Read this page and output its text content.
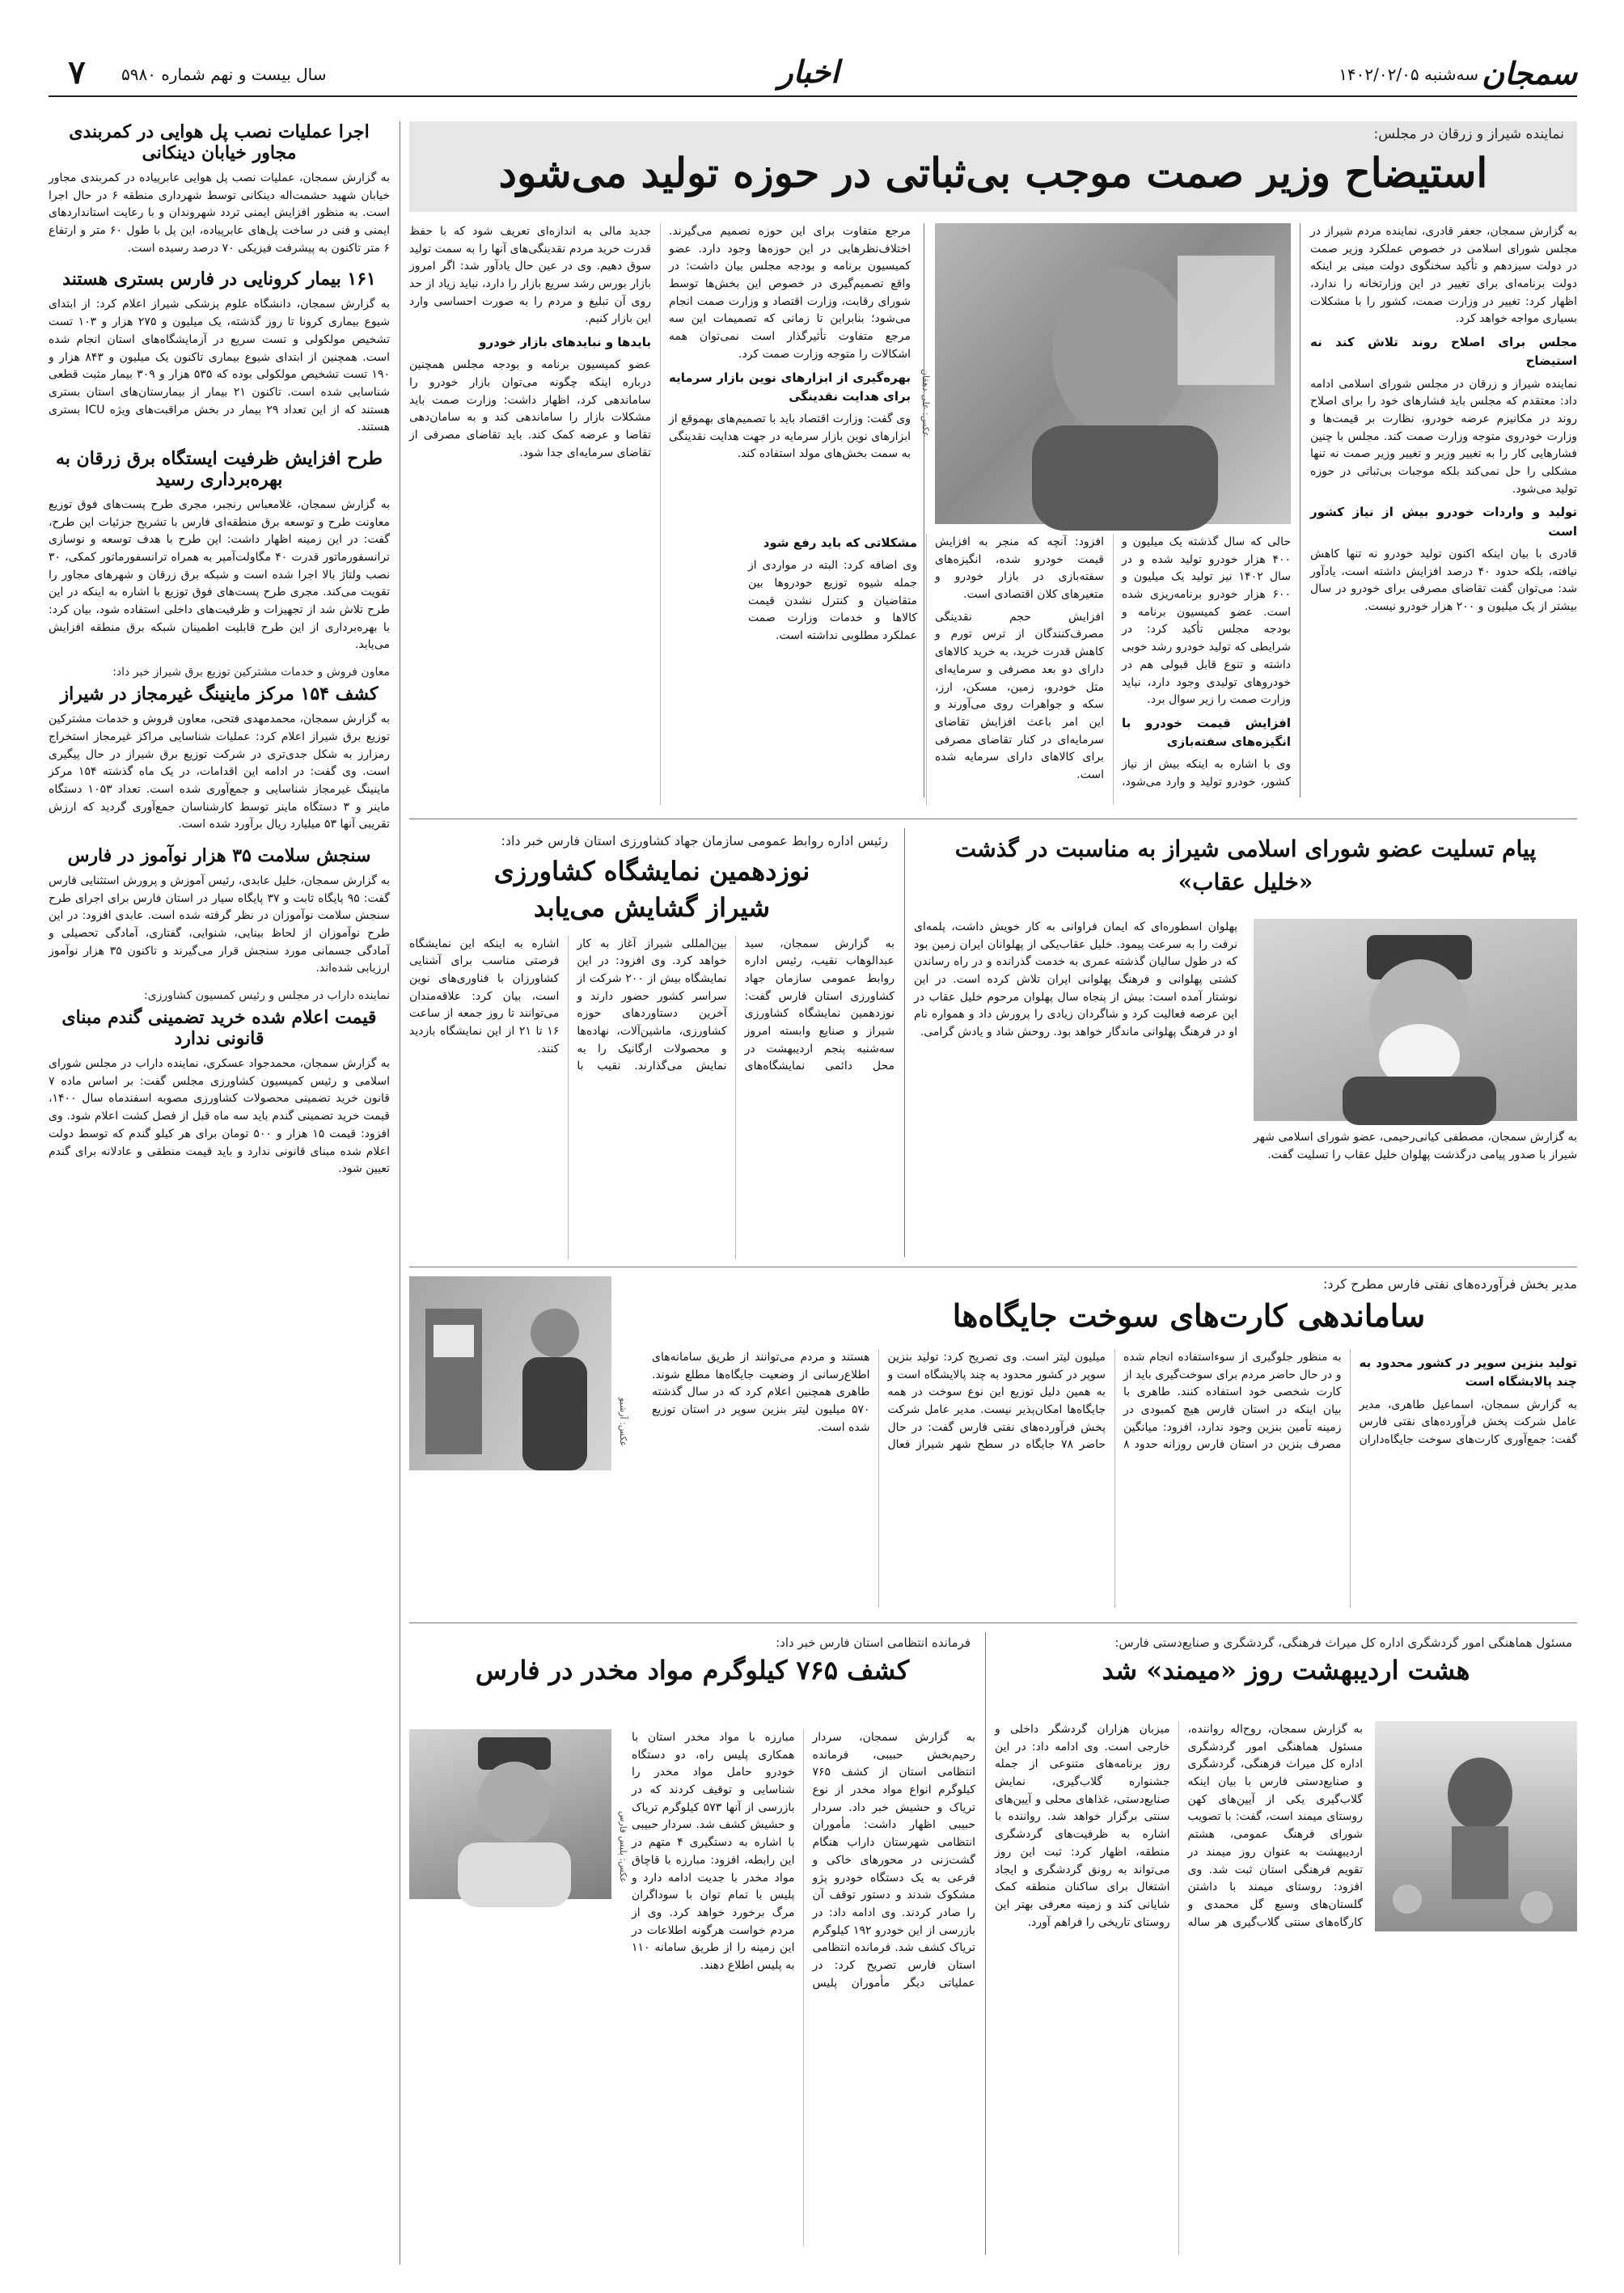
سمجان
سه‌شنبه ۱۴۰۲/۰۲/۰۵
اخبار
سال بیست و نهم شماره ۵۹۸۰
۷
اجرا عملیات نصب پل هوایی در کمربندی مجاور خیابان دینکانی
به گزارش سمجان، عملیات نصب پل هوایی عابرپیاده در کمربندی مجاور خیابان شهید حشمت‌اله دینکانی توسط شهرداری منطقه ۶ در حال اجرا است. به منظور افزایش ایمنی تردد شهروندان و با رعایت استانداردهای ایمنی و فنی در ساخت پل‌های عابرپیاده، این پل با طول ۶۰ متر و ارتفاع ۶ متر تاکنون به پیشرفت فیزیکی ۷۰ درصد رسیده است.
۱۶۱ بیمار کرونایی در فارس بستری هستند
به گزارش سمجان، دانشگاه علوم پزشکی شیراز اعلام کرد: از ابتدای شیوع بیماری کرونا تا روز گذشته، یک میلیون و ۲۷۵ هزار و ۱۰۳ تست تشخیص مولکولی و تست سریع در آزمایشگاه‌های استان انجام شده است. همچنین از ابتدای شیوع بیماری تاکنون یک میلیون و ۸۴۳ هزار و ۱۹۰ تست تشخیص مولکولی بوده که ۵۳۵ هزار و ۳۰۹ بیمار مثبت قطعی شناسایی شده است. تاکنون ۲۱ بیمار از بیمارستان‌های استان بستری هستند که از این تعداد ۲۹ بیمار در بخش مراقبت‌های ویژه ICU بستری هستند.
طرح افزایش ظرفیت ایستگاه برق زرقان به بهره‌برداری رسید
به گزارش سمجان، غلامعباس رنجبر، مجری طرح پست‌های فوق توزیع معاونت طرح و توسعه برق منطقه‌ای فارس با تشریح جزئیات این طرح، گفت: در این زمینه اظهار داشت: این طرح با هدف توسعه و نوسازی ترانسفورماتور قدرت ۴۰ مگاولت‌آمپر به همراه ترانسفورماتور کمکی، ۳۰ نصب ولتاژ بالا اجرا شده است و شبکه برق زرقان و شهرهای مجاور را تقویت می‌کند. مجری طرح پست‌های فوق توزیع با اشاره به اینکه در این طرح تلاش شد از تجهیزات و ظرفیت‌های داخلی استفاده شود، بیان کرد: با بهره‌برداری از این طرح قابلیت اطمینان شبکه برق منطقه افزایش می‌یابد.
معاون فروش و خدمات مشترکین توزیع برق شیراز خبر داد:
کشف ۱۵۴ مرکز ماینینگ غیرمجاز در شیراز
به گزارش سمجان، محمدمهدی فتحی، معاون فروش و خدمات مشترکین توزیع برق شیراز اعلام کرد: عملیات شناسایی مراکز غیرمجاز استخراج رمزارز به شکل جدی‌تری در شرکت توزیع برق شیراز در حال پیگیری است. وی گفت: در ادامه این اقدامات، در یک ماه گذشته ۱۵۴ مرکز ماینینگ غیرمجاز شناسایی و جمع‌آوری شده است. تعداد ۱۰۵۳ دستگاه ماینر و ۳ دستگاه ماینر توسط کارشناسان جمع‌آوری گردید که ارزش تقریبی آنها ۵۳ میلیارد ریال برآورد شده است.
سنجش سلامت ۳۵ هزار نوآموز در فارس
به گزارش سمجان، خلیل عابدی، رئیس آموزش و پرورش استثنایی فارس گفت: ۹۵ پایگاه ثابت و ۳۷ پایگاه سیار در استان فارس برای اجرای طرح سنجش سلامت نوآموزان در نظر گرفته شده است. عابدی افزود: در این طرح نوآموزان از لحاظ بینایی، شنوایی، گفتاری، آمادگی تحصیلی و آمادگی جسمانی مورد سنجش قرار می‌گیرند و تاکنون ۳۵ هزار نوآموز ارزیابی شده‌اند.
نماینده داراب در مجلس و رئیس کمسیون کشاورزی:
قیمت اعلام شده خرید تضمینی گندم مبنای قانونی ندارد
به گزارش سمجان، محمدجواد عسکری، نماینده داراب در مجلس شورای اسلامی و رئیس کمیسیون کشاورزی مجلس گفت: بر اساس ماده ۷ قانون خرید تضمینی محصولات کشاورزی مصوبه اسفندماه سال ۱۴۰۰، قیمت خرید تضمینی گندم باید سه ماه قبل از فصل کشت اعلام شود. وی افزود: قیمت ۱۵ هزار و ۵۰۰ تومان برای هر کیلو گندم که توسط دولت اعلام شده مبنای قانونی ندارد و باید قیمت منطقی و عادلانه برای گندم تعیین شود.
نماینده شیراز و زرقان در مجلس:
استیضاح وزیر صمت موجب بی‌ثباتی در حوزه تولید می‌شود

به گزارش سمجان، جعفر قادری، نماینده مردم شیراز در مجلس شورای اسلامی در خصوص عملکرد وزیر صمت در دولت سیزدهم و تأکید سخنگوی دولت مبنی بر اینکه دولت برنامه‌ای برای تغییر در این وزارتخانه را ندارد، اظهار کرد: تغییر در وزارت صمت، کشور را با مشکلات بسیاری مواجه خواهد کرد.

مجلس برای اصلاح روند تلاش کند نه استیضاح

نماینده شیراز و زرقان در مجلس شورای اسلامی ادامه داد: معتقدم که مجلس باید فشارهای خود را برای اصلاح روند در مکانیزم عرضه خودرو، نظارت بر قیمت‌ها و وزارت خودروی متوجه وزارت صمت کند. مجلس با چنین فشارهایی کار را به تغییر وزیر و تغییر وزیر صمت نه تنها مشکلی را حل نمی‌کند بلکه موجبات بی‌ثباتی در حوزه تولید می‌شود.

تولید و واردات خودرو بیش از نیاز کشور است

قادری با بیان اینکه اکنون تولید خودرو نه تنها کاهش نیافته، بلکه حدود ۴۰ درصد افزایش داشته است، یادآور شد: می‌توان گفت تقاضای مصرفی برای خودرو در سال بیشتر از یک میلیون و ۲۰۰ هزار خودرو نیست.

عکس: علی دهقان

حالی که سال گذشته یک میلیون و ۴۰۰ هزار خودرو تولید شده و در سال ۱۴۰۲ نیز تولید یک میلیون و ۶۰۰ هزار خودرو برنامه‌ریزی شده است. عضو کمیسیون برنامه و بودجه مجلس تأکید کرد: در شرایطی که تولید خودرو رشد خوبی داشته و تنوع قابل قبولی هم در خودروهای تولیدی وجود دارد، نباید وزارت صمت را زیر سوال برد.

افزایش قیمت خودرو با انگیزه‌های سفته‌بازی

وی با اشاره به اینکه بیش از نیاز کشور، خودرو تولید و وارد می‌شود، افزود: آنچه که منجر به افزایش قیمت خودرو شده، انگیزه‌های سفته‌بازی در بازار خودرو و متغیرهای کلان اقتصادی است.

افزایش حجم نقدینگی مصرف‌کنندگان از ترس تورم و کاهش قدرت خرید، به خرید کالاهای دارای دو بعد مصرفی و سرمایه‌ای مثل خودرو، زمین، مسکن، ارز، سکه و جواهرات روی می‌آورند و این امر باعث افزایش تقاضای سرمایه‌ای در کنار تقاضای مصرفی برای کالاهای دارای سرمایه شده است.

مشکلاتی که باید رفع شود

وی اضافه کرد: البته در مواردی از جمله شیوه توزیع خودروها بین متقاضیان و کنترل نشدن قیمت کالاها و خدمات وزارت صمت عملکرد مطلوبی نداشته است.

مرجع متفاوت برای این حوزه تصمیم می‌گیرند. اختلاف‌نظرهایی در این حوزه‌ها وجود دارد. عضو کمیسیون برنامه و بودجه مجلس بیان داشت: در واقع تصمیم‌گیری در خصوص این بخش‌ها توسط شورای رقابت، وزارت اقتصاد و وزارت صمت انجام می‌شود؛ بنابراین تا زمانی که تصمیمات این سه مرجع متفاوت تأثیرگذار است نمی‌توان همه اشکالات را متوجه وزارت صمت کرد.

بهره‌گیری از ابزارهای نوین بازار سرمایه برای هدایت نقدینگی

وی گفت: وزارت اقتصاد باید با تصمیم‌های بهموقع از ابزارهای نوین بازار سرمایه در جهت هدایت نقدینگی به سمت بخش‌های مولد استفاده کند.

جدید مالی به اندازه‌ای تعریف شود که با حفظ قدرت خرید مردم نقدینگی‌های آنها را به سمت تولید سوق دهیم. وی در عین حال یادآور شد: اگر امروز بازار بورس رشد سریع بازار را دارد، نباید زیاد از حد روی آن تبلیغ و مردم را به صورت احساسی وارد این بازار کنیم.

بایدها و نبایدهای بازار خودرو

عضو کمیسیون برنامه و بودجه مجلس همچنین درباره اینکه چگونه می‌توان بازار خودرو را ساماندهی کرد، اظهار داشت: وزارت صمت باید مشکلات بازار را ساماندهی کند و به سامان‌دهی تقاضا و عرضه کمک کند. باید تقاضای مصرفی از تقاضای سرمایه‌ای جدا شود.

پیام تسلیت عضو شورای اسلامی شیراز به مناسبت در گذشت «خلیل عقاب»
به گزارش سمجان، مصطفی کیانی‌رحیمی، عضو شورای اسلامی شهر شیراز با صدور پیامی درگذشت پهلوان خلیل عقاب را تسلیت گفت.
پهلوان اسطوره‌ای که ایمان فراوانی به کار خویش داشت، پلمه‌ای نرفت را به سرعت پیمود. خلیل عقاب‌یکی از پهلوانان ایران زمین بود که در طول سالیان گذشته عمری به خدمت گذرانده و در راه رساندن کشتی پهلوانی و فرهنگ پهلوانی ایران تلاش کرده است. در این نوشتار آمده است: بیش از پنجاه سال پهلوان مرحوم خلیل عقاب در این عرصه فعالیت کرد و شاگردان زیادی را پرورش داد و همواره نام او در فرهنگ پهلوانی ماندگار خواهد بود. روحش شاد و یادش گرامی.
رئیس اداره روابط عمومی سازمان جهاد کشاورزی استان فارس خبر داد:
نوزدهمین نمایشگاه کشاورزی شیراز گشایش می‌یابد
به گزارش سمجان، سید عبدالوهاب نقیب، رئیس اداره روابط عمومی سازمان جهاد کشاورزی استان فارس گفت: نوزدهمین نمایشگاه کشاورزی شیراز و صنایع وابسته امروز سه‌شنبه پنجم اردیبهشت در محل دائمی نمایشگاه‌های بین‌المللی شیراز آغاز به کار خواهد کرد. وی افزود: در این نمایشگاه بیش از ۲۰۰ شرکت از سراسر کشور حضور دارند و آخرین دستاوردهای حوزه کشاورزی، ماشین‌آلات، نهاده‌ها و محصولات ارگانیک را به نمایش می‌گذارند. نقیب با اشاره به اینکه این نمایشگاه فرصتی مناسب برای آشنایی کشاورزان با فناوری‌های نوین است، بیان کرد: علاقه‌مندان می‌توانند تا روز جمعه از ساعت ۱۶ تا ۲۱ از این نمایشگاه بازدید کنند.
مدیر بخش فرآورده‌های نفتی فارس مطرح کرد:
ساماندهی کارت‌های سوخت جایگاه‌ها
عکس: آرشیو
تولید بنزین سوپر در کشور محدود به چند پالایشگاه است

به گزارش سمجان، اسماعیل طاهری، مدیر عامل شرکت پخش فرآورده‌های نفتی فارس گفت: جمع‌آوری کارت‌های سوخت جایگاه‌داران به منظور جلوگیری از سوءاستفاده انجام شده و در حال حاضر مردم برای سوخت‌گیری باید از کارت شخصی خود استفاده کنند. طاهری با بیان اینکه در استان فارس هیچ کمبودی در زمینه تأمین بنزین وجود ندارد، افزود: میانگین مصرف بنزین در استان فارس روزانه حدود ۸ میلیون لیتر است. وی تصریح کرد: تولید بنزین سوپر در کشور محدود به چند پالایشگاه است و به همین دلیل توزیع این نوع سوخت در همه جایگاه‌ها امکان‌پذیر نیست. مدیر عامل شرکت پخش فرآورده‌های نفتی فارس گفت: در حال حاضر ۷۸ جایگاه در سطح شهر شیراز فعال هستند و مردم می‌توانند از طریق سامانه‌های اطلاع‌رسانی از وضعیت جایگاه‌ها مطلع شوند. طاهری همچنین اعلام کرد که در سال گذشته ۵۷۰ میلیون لیتر بنزین سوپر در استان توزیع شده است.

مسئول هماهنگی امور گردشگری اداره کل میراث فرهنگی، گردشگری و صنایع‌دستی فارس:
هشت اردیبهشت روز «میمند» شد
به گزارش سمجان، روح‌اله رواننده، مسئول هماهنگی امور گردشگری اداره کل میراث فرهنگی، گردشگری و صنایع‌دستی فارس با بیان اینکه گلاب‌گیری یکی از آیین‌های کهن روستای میمند است، گفت: با تصویب شورای فرهنگ عمومی، هشتم اردیبهشت به عنوان روز میمند در تقویم فرهنگی استان ثبت شد. وی افزود: روستای میمند با داشتن گلستان‌های وسیع گل محمدی و کارگاه‌های سنتی گلاب‌گیری هر ساله میزبان هزاران گردشگر داخلی و خارجی است. وی ادامه داد: در این روز برنامه‌های متنوعی از جمله جشنواره گلاب‌گیری، نمایش صنایع‌دستی، غذاهای محلی و آیین‌های سنتی برگزار خواهد شد. رواننده با اشاره به ظرفیت‌های گردشگری منطقه، اظهار کرد: ثبت این روز می‌تواند به رونق گردشگری و ایجاد اشتغال برای ساکنان منطقه کمک شایانی کند و زمینه معرفی بهتر این روستای تاریخی را فراهم آورد.
فرمانده انتظامی استان فارس خبر داد:
کشف ۷۶۵ کیلوگرم مواد مخدر در فارس
عکس: پلیس فارس
به گزارش سمجان، سردار رحیم‌بخش حبیبی، فرمانده انتظامی استان از کشف ۷۶۵ کیلوگرم انواع مواد مخدر از نوع تریاک و حشیش خبر داد. سردار حبیبی اظهار داشت: مأموران انتظامی شهرستان داراب هنگام گشت‌زنی در محورهای خاکی و فرعی به یک دستگاه خودرو پژو مشکوک شدند و دستور توقف آن را صادر کردند. وی ادامه داد: در بازرسی از این خودرو ۱۹۲ کیلوگرم تریاک کشف شد. فرمانده انتظامی استان فارس تصریح کرد: در عملیاتی دیگر مأموران پلیس مبارزه با مواد مخدر استان با همکاری پلیس راه، دو دستگاه خودرو حامل مواد مخدر را شناسایی و توقیف کردند که در بازرسی از آنها ۵۷۳ کیلوگرم تریاک و حشیش کشف شد. سردار حبیبی با اشاره به دستگیری ۴ متهم در این رابطه، افزود: مبارزه با قاچاق مواد مخدر با جدیت ادامه دارد و پلیس با تمام توان با سوداگران مرگ برخورد خواهد کرد. وی از مردم خواست هرگونه اطلاعات در این زمینه را از طریق سامانه ۱۱۰ به پلیس اطلاع دهند.
